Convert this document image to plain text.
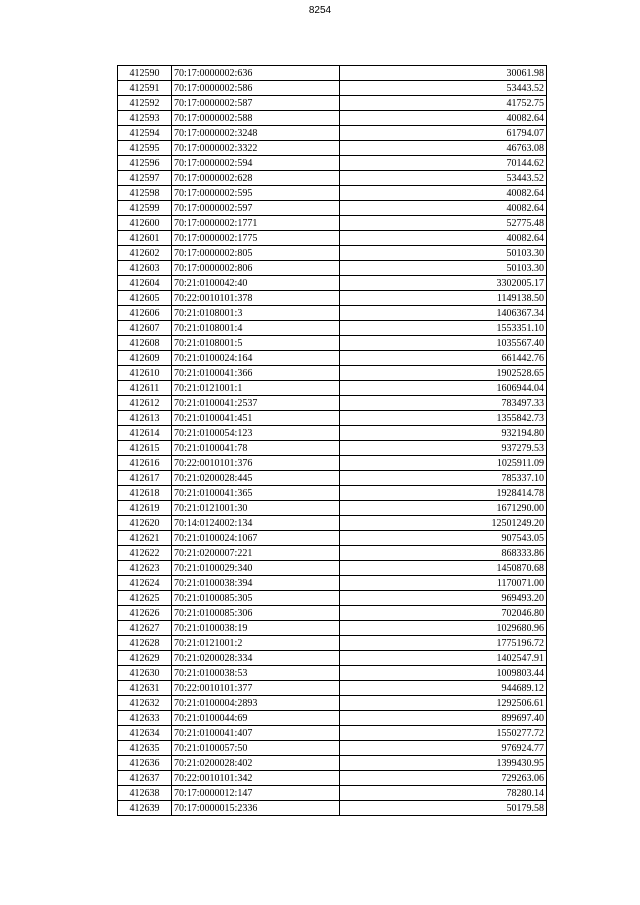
8254
412590	70:17:0000002:636	30061.98
412591	70:17:0000002:586	53443.52
412592	70:17:0000002:587	41752.75
412593	70:17:0000002:588	40082.64
412594	70:17:0000002:3248	61794.07
412595	70:17:0000002:3322	46763.08
412596	70:17:0000002:594	70144.62
412597	70:17:0000002:628	53443.52
412598	70:17:0000002:595	40082.64
412599	70:17:0000002:597	40082.64
412600	70:17:0000002:1771	52775.48
412601	70:17:0000002:1775	40082.64
412602	70:17:0000002:805	50103.30
412603	70:17:0000002:806	50103.30
412604	70:21:0100042:40	3302005.17
412605	70:22:0010101:378	1149138.50
412606	70:21:0108001:3	1406367.34
412607	70:21:0108001:4	1553351.10
412608	70:21:0108001:5	1035567.40
412609	70:21:0100024:164	661442.76
412610	70:21:0100041:366	1902528.65
412611	70:21:0121001:1	1606944.04
412612	70:21:0100041:2537	783497.33
412613	70:21:0100041:451	1355842.73
412614	70:21:0100054:123	932194.80
412615	70:21:0100041:78	937279.53
412616	70:22:0010101:376	1025911.09
412617	70:21:0200028:445	785337.10
412618	70:21:0100041:365	1928414.78
412619	70:21:0121001:30	1671290.00
412620	70:14:0124002:134	12501249.20
412621	70:21:0100024:1067	907543.05
412622	70:21:0200007:221	868333.86
412623	70:21:0100029:340	1450870.68
412624	70:21:0100038:394	1170071.00
412625	70:21:0100085:305	969493.20
412626	70:21:0100085:306	702046.80
412627	70:21:0100038:19	1029680.96
412628	70:21:0121001:2	1775196.72
412629	70:21:0200028:334	1402547.91
412630	70:21:0100038:53	1009803.44
412631	70:22:0010101:377	944689.12
412632	70:21:0100004:2893	1292506.61
412633	70:21:0100044:69	899697.40
412634	70:21:0100041:407	1550277.72
412635	70:21:0100057:50	976924.77
412636	70:21:0200028:402	1399430.95
412637	70:22:0010101:342	729263.06
412638	70:17:0000012:147	78280.14
412639	70:17:0000015:2336	50179.58
